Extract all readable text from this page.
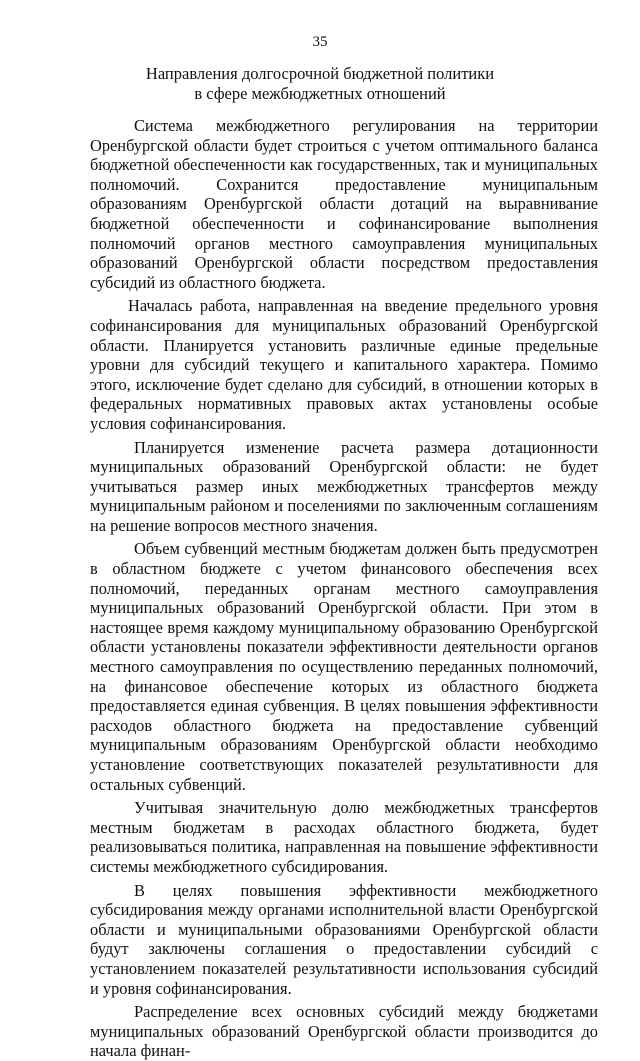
35
Направления долгосрочной бюджетной политики
в сфере межбюджетных отношений

Система межбюджетного регулирования на территории Оренбургской области будет строиться с учетом оптимального баланса бюджетной обеспеченности как государственных, так и муниципальных полномочий. Сохранится предоставление муниципальным образованиям Оренбургской области дотаций на выравнивание бюджетной обеспеченности и софинансирование выполнения полномочий органов местного самоуправления муниципальных образований Оренбургской области посредством предоставления субсидий из областного бюджета.

Началась работа, направленная на введение предельного уровня софинансирования для муниципальных образований Оренбургской области. Планируется установить различные единые предельные уровни для субсидий текущего и капитального характера. Помимо этого, исключение будет сделано для субсидий, в отношении которых в федеральных нормативных правовых актах установлены особые условия софинансирования.

Планируется изменение расчета размера дотационности муниципальных образований Оренбургской области: не будет учитываться размер иных межбюджетных трансфертов между муниципальным районом и поселениями по заключенным соглашениям на решение вопросов местного значения.

Объем субвенций местным бюджетам должен быть предусмотрен в областном бюджете с учетом финансового обеспечения всех полномочий, переданных органам местного самоуправления муниципальных образований Оренбургской области. При этом в настоящее время каждому муниципальному образованию Оренбургской области установлены показатели эффективности деятельности органов местного самоуправления по осуществлению переданных полномочий, на финансовое обеспечение которых из областного бюджета предоставляется единая субвенция. В целях повышения эффективности расходов областного бюджета на предоставление субвенций муниципальным образованиям Оренбургской области необходимо установление соответствующих показателей результативности для остальных субвенций.

Учитывая значительную долю межбюджетных трансфертов местным бюджетам в расходах областного бюджета, будет реализовываться политика, направленная на повышение эффективности системы межбюджетного субсидирования.

В целях повышения эффективности межбюджетного субсидирования между органами исполнительной власти Оренбургской области и муниципальными образованиями Оренбургской области будут заключены соглашения о предоставлении субсидий с установлением показателей результативности использования субсидий и уровня софинансирования.

Распределение всех основных субсидий между бюджетами муниципальных образований Оренбургской области производится до начала финан-
